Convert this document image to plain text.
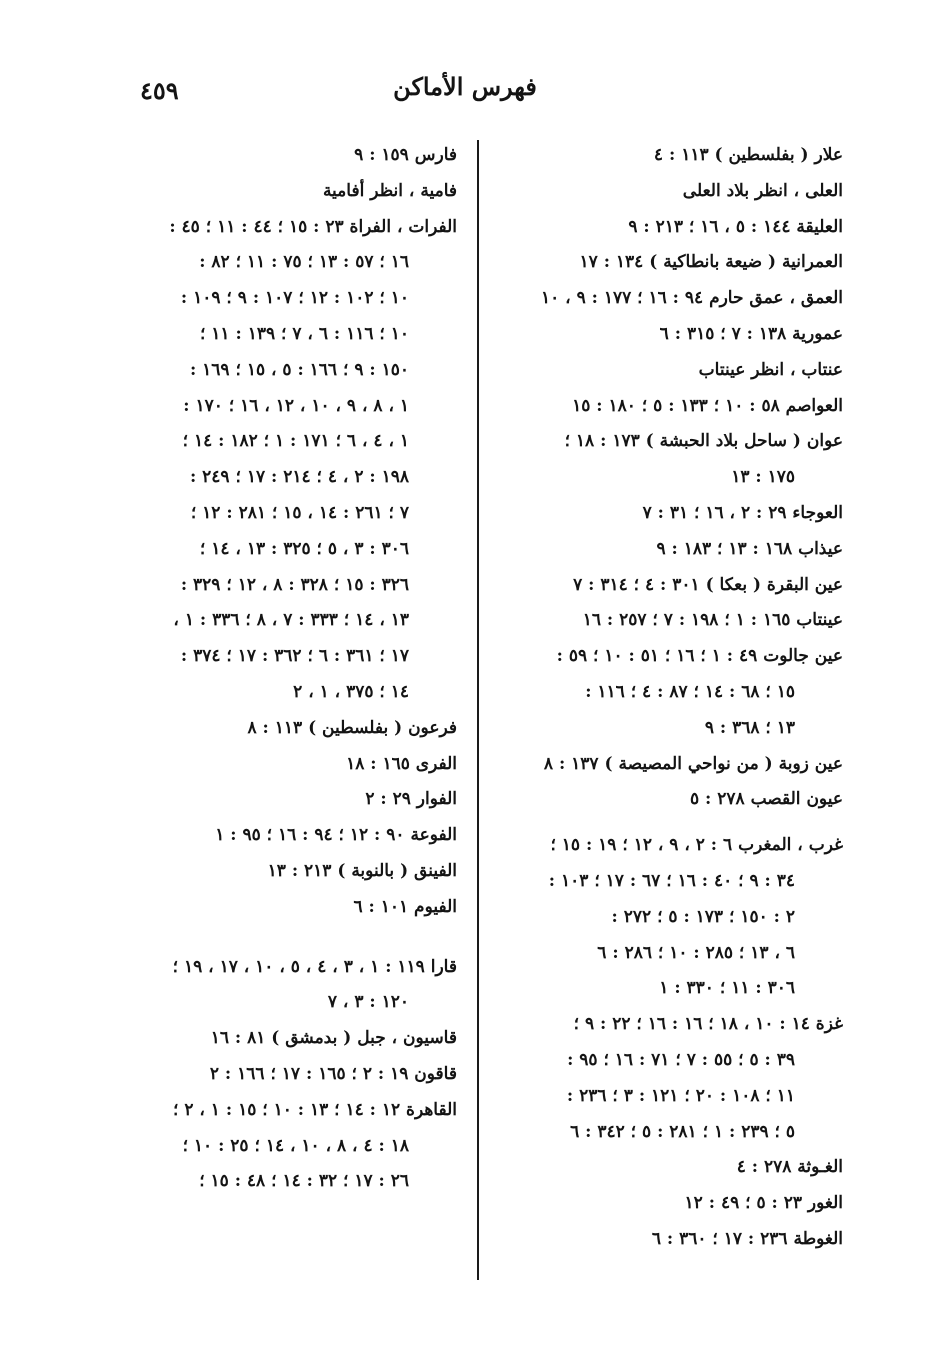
فهرس الأماكن
٤٥٩
علار ( بفلسطين ) ١١٣ : ٤
العلى ، انظر بلاد العلى
العليقة ١٤٤ : ٥ ، ١٦ ؛ ٢١٣ : ٩
العمرانية ( ضيعة بانطاكية ) ١٣٤ : ١٧
العمق ، عمق حارم ٩٤ : ١٦ ؛ ١٧٧ : ٩ ، ١٠
عمورية ١٣٨ : ٧ ؛ ٣١٥ : ٦
عنتاب ، انظر عينتاب
العواصم ٥٨ : ١٠ ؛ ١٣٣ : ٥ ؛ ١٨٠ : ١٥
عوان ( ساحل بلاد الحبشة ) ١٧٣ : ١٨ ؛
١٧٥ : ١٣
العوجاء ٢٩ : ٢ ، ١٦ ؛ ٣١ : ٧
عيذاب ١٦٨ : ١٣ ؛ ١٨٣ : ٩
عين البقرة ( بعكا ) ٣٠١ : ٤ ؛ ٣١٤ : ٧
عينتاب ١٦٥ : ١ ؛ ١٩٨ : ٧ ؛ ٢٥٧ : ١٦
عين جالوت ٤٩ : ١ ؛ ١٦ ؛ ٥١ : ١٠ ؛ ٥٩ :
١٥ ؛ ٦٨ : ١٤ ؛ ٨٧ : ٤ ؛ ١١٦ :
١٣ ؛ ٣٦٨ : ٩
عين زوبة ( من نواحي المصيصة ) ١٣٧ : ٨
عيون القصب ٢٧٨ : ٥
غرب ، المغرب ٦ : ٢ ، ٩ ، ١٢ ؛ ١٩ : ١٥ ؛
٣٤ : ٩ ؛ ٤٠ : ١٦ ؛ ٦٧ : ١٧ ؛ ١٠٣ :
٢ : ١٥٠ ؛ ١٧٣ : ٥ ؛ ٢٧٢ :
٦ ، ١٣ ؛ ٢٨٥ : ١٠ ؛ ٢٨٦ : ٦
٣٠٦ : ١١ ؛ ٣٣٠ : ١
غزة ١٤ : ١٠ ، ١٨ ؛ ١٦ : ١٦ ؛ ٢٢ : ٩ ؛
٣٩ : ٥ ؛ ٥٥ : ٧ ؛ ٧١ : ١٦ ؛ ٩٥ :
١١ ؛ ١٠٨ : ٢٠ ؛ ١٢١ : ٣ ؛ ٢٣٦ :
٥ ؛ ٢٣٩ : ١ ؛ ٢٨١ : ٥ ؛ ٣٤٢ : ٦
الغـوثة ٢٧٨ : ٤
الغور ٢٣ : ٥ ؛ ٤٩ : ١٢
الغوطة ٢٣٦ : ١٧ ؛ ٣٦٠ : ٦
فارس ١٥٩ : ٩
فامية ، انظر أفامية
الفرات ، الفراة ٢٣ : ١٥ ؛ ٤٤ : ١١ ؛ ٤٥ :
١٦ ؛ ٥٧ : ١٣ ؛ ٧٥ : ١١ ؛ ٨٢ :
١٠ ؛ ١٠٢ : ١٢ ؛ ١٠٧ : ٩ ؛ ١٠٩ :
١٠ ؛ ١١٦ : ٦ ، ٧ ؛ ١٣٩ : ١١ ؛
١٥٠ : ٩ ؛ ١٦٦ : ٥ ، ١٥ ؛ ١٦٩ :
١ ، ٨ ، ٩ ، ١٠ ، ١٢ ، ١٦ ؛ ١٧٠ :
١ ، ٤ ، ٦ ؛ ١٧١ : ١ ؛ ١٨٢ : ١٤ ؛
١٩٨ : ٢ ، ٤ ؛ ٢١٤ : ١٧ ؛ ٢٤٩ :
٧ ؛ ٢٦١ : ١٤ ، ١٥ ؛ ٢٨١ : ١٢ ؛
٣٠٦ : ٣ ، ٥ ؛ ٣٢٥ : ١٣ ، ١٤ ؛
٣٢٦ : ١٥ ؛ ٣٢٨ : ٨ ، ١٢ ؛ ٣٢٩ :
١٣ ، ١٤ ؛ ٣٣٣ : ٧ ، ٨ ؛ ٣٣٦ : ١ ،
١٧ ؛ ٣٦١ : ٦ ؛ ٣٦٢ : ١٧ ؛ ٣٧٤ :
١٤ ؛ ٣٧٥ ، ١ ، ٢
فرعون ( بفلسطين ) ١١٣ : ٨
الفرى ١٦٥ : ١٨
الفوار ٢٩ : ٢
الفوعة ٩٠ : ١٢ ؛ ٩٤ : ١٦ ؛ ٩٥ : ١
الفينق ( بالنوبة ) ٢١٣ : ١٣
الفيوم ١٠١ : ٦
قارا ١١٩ : ١ ، ٣ ، ٤ ، ٥ ، ١٠ ، ١٧ ، ١٩ ؛
١٢٠ : ٣ ، ٧
قاسيون ، جبل ( بدمشق ) ٨١ : ١٦
قاقون ١٩ : ٢ ؛ ١٦٥ : ١٧ ؛ ١٦٦ : ٢
القاهرة ١٢ : ١٤ ؛ ١٣ : ١٠ ؛ ١٥ : ١ ، ٢ ؛
١٨ : ٤ ، ٨ ، ١٠ ، ١٤ ؛ ٢٥ : ١٠ ؛
٢٦ : ١٧ ؛ ٣٢ : ١٤ ؛ ٤٨ : ١٥ ؛
